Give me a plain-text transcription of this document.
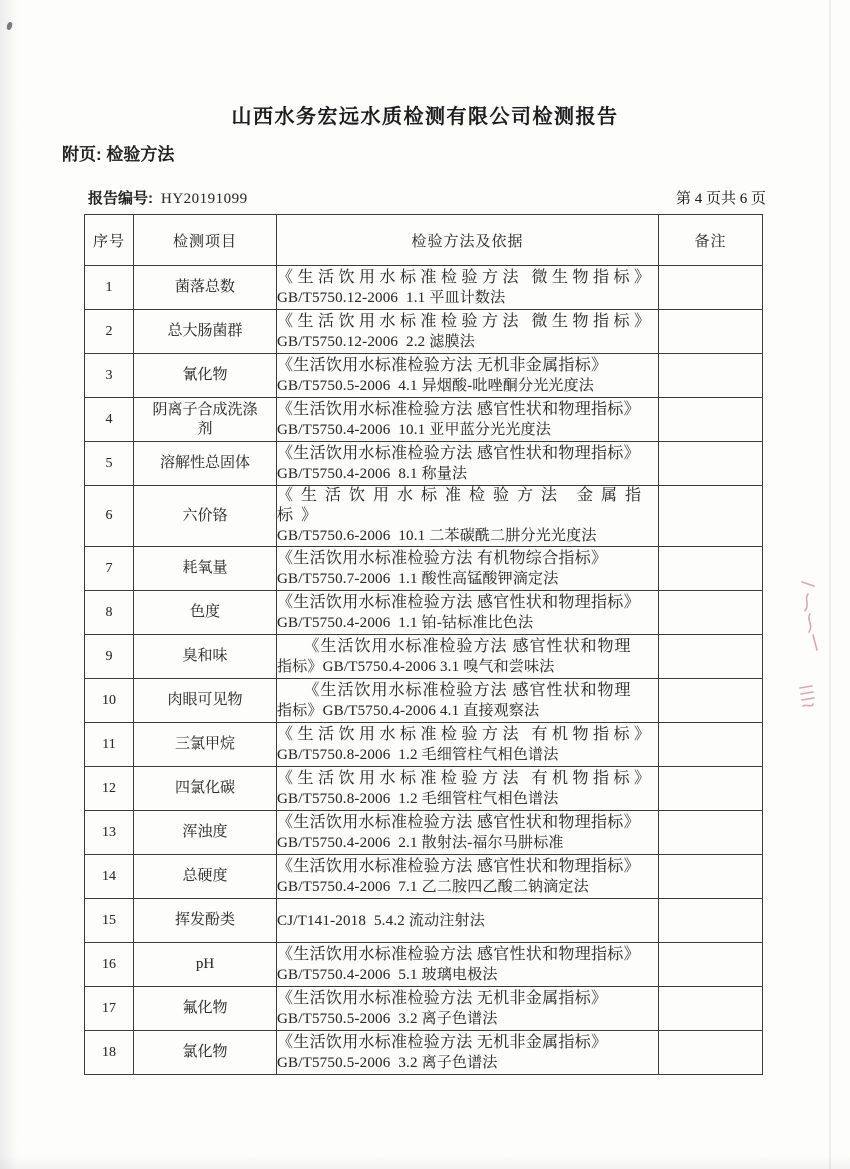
山西水务宏远水质检测有限公司检测报告
附页: 检验方法
报告编号: HY20191099	第 4 页共 6 页
序号	检测项目	检验方法及依据	备注
1	菌落总数	《生活饮用水标准检验方法 微生物指标》
GB/T5750.12-2006  1.1 平皿计数法	

2	总大肠菌群	《生活饮用水标准检验方法 微生物指标》
GB/T5750.12-2006  2.2 滤膜法	

3	氰化物	《生活饮用水标准检验方法 无机非金属指标》
GB/T5750.5-2006  4.1 异烟酸-吡唑酮分光光度法	

4	阴离子合成洗涤剂	《生活饮用水标准检验方法 感官性状和物理指标》
GB/T5750.4-2006  10.1 亚甲蓝分光光度法	

5	溶解性总固体	《生活饮用水标准检验方法 感官性状和物理指标》
GB/T5750.4-2006  8.1 称量法	

6	六价铬	《生活饮用水标准检验方法 金属指标》
GB/T5750.6-2006  10.1 二苯碳酰二肼分光光度法	

7	耗氧量	《生活饮用水标准检验方法 有机物综合指标》
GB/T5750.7-2006  1.1 酸性高锰酸钾滴定法	

8	色度	《生活饮用水标准检验方法 感官性状和物理指标》
GB/T5750.4-2006  1.1 铂-钴标准比色法	

9	臭和味	《生活饮用水标准检验方法 感官性状和物理
指标》GB/T5750.4-2006 3.1 嗅气和尝味法	

10	肉眼可见物	《生活饮用水标准检验方法 感官性状和物理
指标》GB/T5750.4-2006 4.1 直接观察法	

11	三氯甲烷	《生活饮用水标准检验方法 有机物指标》
GB/T5750.8-2006  1.2 毛细管柱气相色谱法	

12	四氯化碳	《生活饮用水标准检验方法 有机物指标》
GB/T5750.8-2006  1.2 毛细管柱气相色谱法	

13	浑浊度	《生活饮用水标准检验方法 感官性状和物理指标》
GB/T5750.4-2006  2.1 散射法-福尔马肼标准	

14	总硬度	《生活饮用水标准检验方法 感官性状和物理指标》
GB/T5750.4-2006  7.1 乙二胺四乙酸二钠滴定法	

15	挥发酚类	CJ/T141-2018  5.4.2 流动注射法	

16	pH	《生活饮用水标准检验方法 感官性状和物理指标》
GB/T5750.4-2006  5.1 玻璃电极法	

17	氟化物	《生活饮用水标准检验方法 无机非金属指标》
GB/T5750.5-2006  3.2 离子色谱法	

18	氯化物	《生活饮用水标准检验方法 无机非金属指标》
GB/T5750.5-2006  3.2 离子色谱法	
